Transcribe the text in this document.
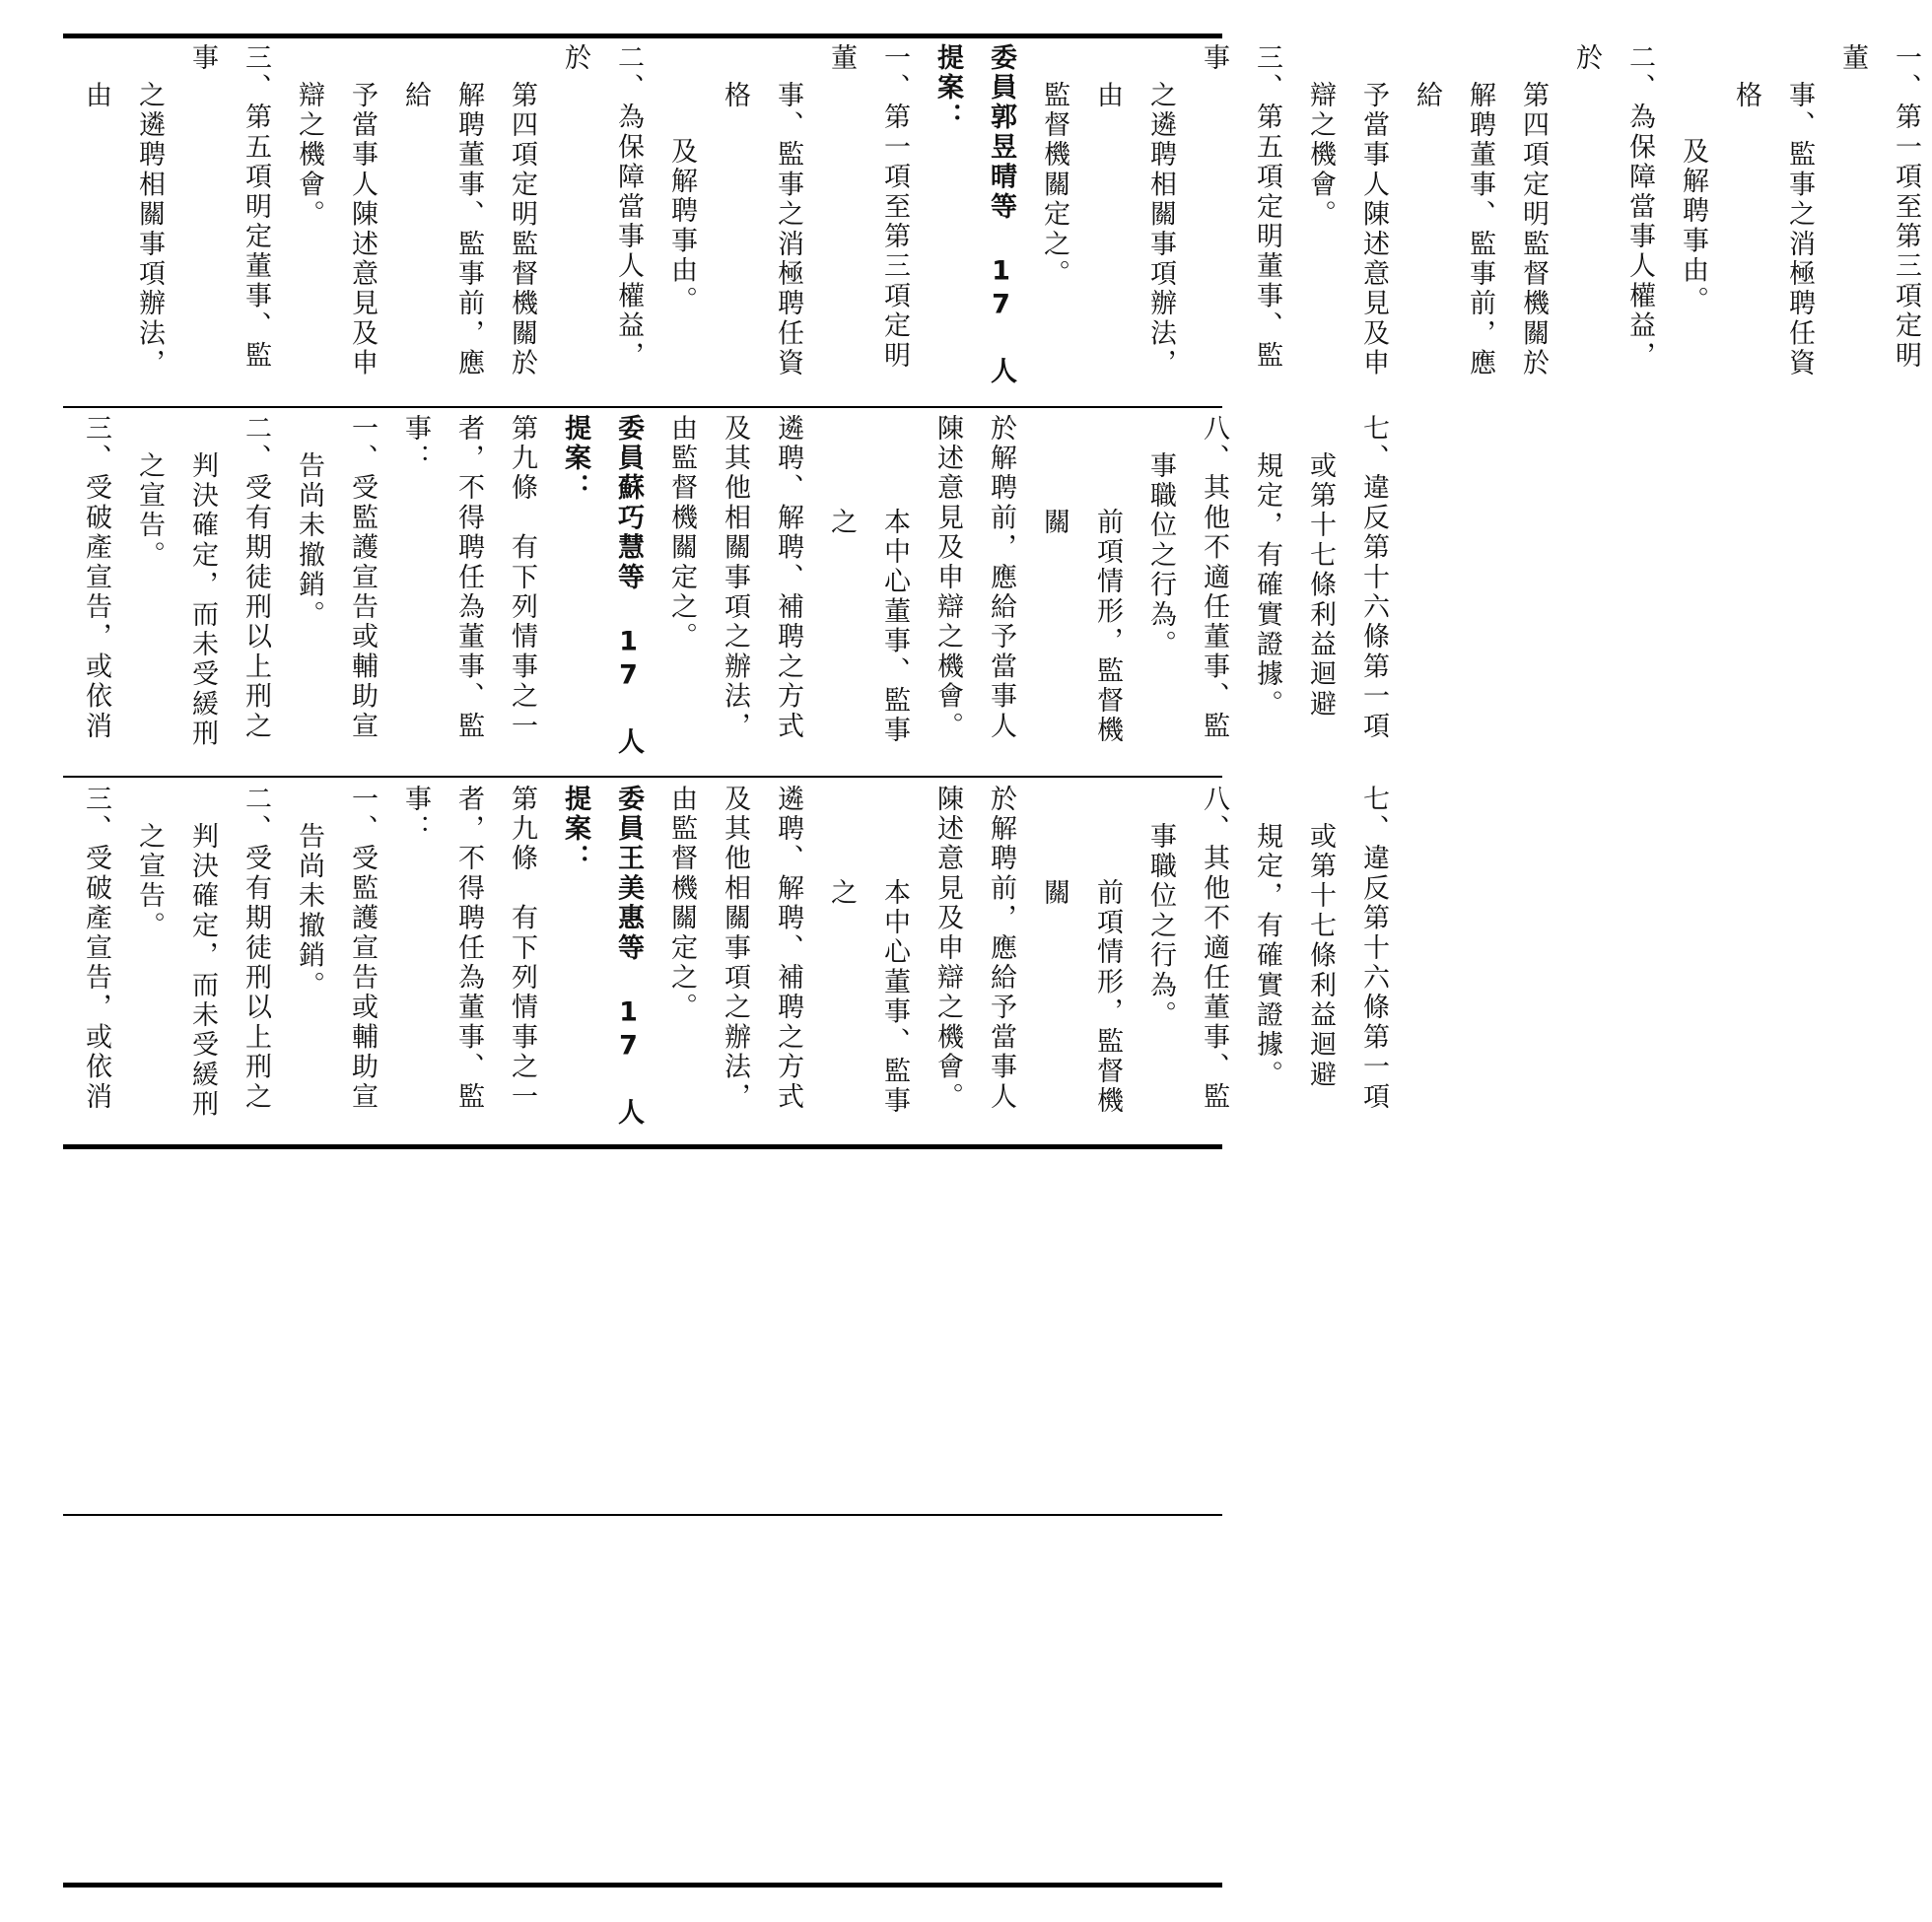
一、第一項至第三項定明董

事、監事之消極聘任資格

及解聘事由。

二、為保障當事人權益，於

第四項定明監督機關於

解聘董事、監事前，應給

予當事人陳述意見及申

辯之機會。

三、第五項定明董事、監事

之遴聘相關事項辦法，由

監督機關定之。

委員郭昱晴等 17 人提案：

一、第一項至第三項定明董

事、監事之消極聘任資格

及解聘事由。

二、為保障當事人權益，於

第四項定明監督機關於

解聘董事、監事前，應給

予當事人陳述意見及申

辯之機會。

三、第五項明定董事、監事

之遴聘相關事項辦法，由

七、違反第十六條第一項

或第十七條利益迴避

規定，有確實證據。

八、其他不適任董事、監

事職位之行為。

前項情形，監督機關

於解聘前，應給予當事人

陳述意見及申辯之機會。

本中心董事、監事之

遴聘、解聘、補聘之方式

及其他相關事項之辦法，

由監督機關定之。

委員蘇巧慧等 17 人提案：

第九條　有下列情事之一

者，不得聘任為董事、監

事：

一、受監護宣告或輔助宣

告尚未撤銷。

二、受有期徒刑以上刑之

判決確定，而未受緩刑

之宣告。

三、受破產宣告，或依消

七、違反第十六條第一項

或第十七條利益迴避

規定，有確實證據。

八、其他不適任董事、監

事職位之行為。

前項情形，監督機關

於解聘前，應給予當事人

陳述意見及申辯之機會。

本中心董事、監事之

遴聘、解聘、補聘之方式

及其他相關事項之辦法，

由監督機關定之。

委員王美惠等 17 人提案：

第九條　有下列情事之一

者，不得聘任為董事、監

事：

一、受監護宣告或輔助宣

告尚未撤銷。

二、受有期徒刑以上刑之

判決確定，而未受緩刑

之宣告。

三、受破產宣告，或依消
